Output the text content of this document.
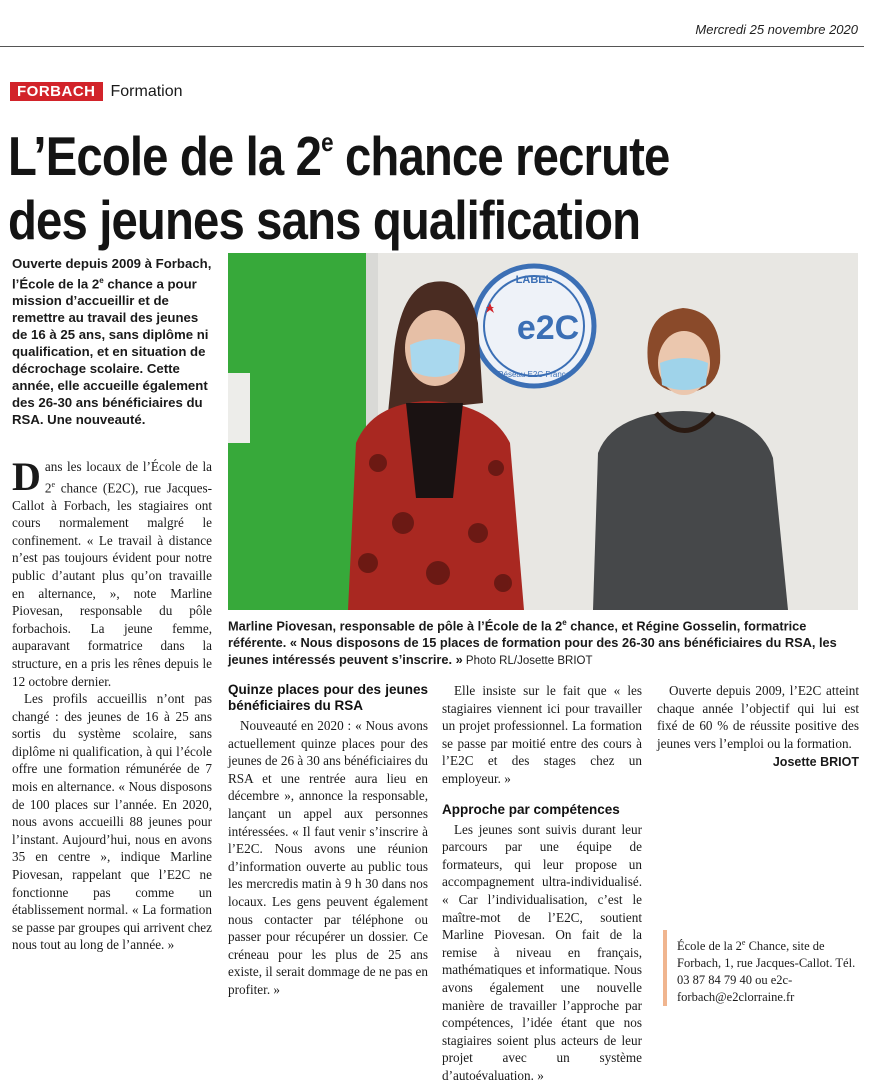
Mercredi 25 novembre 2020
FORBACH Formation
L’Ecole de la 2e chance recrute
des jeunes sans qualification
Ouverte depuis 2009 à Forbach, l’École de la 2e chance a pour mission d’accueillir et de remettre au travail des jeunes de 16 à 25 ans, sans diplôme ni qualification, et en situation de décrochage scolaire. Cette année, elle accueille également des 26-30 ans bénéficiaires du RSA. Une nouveauté.
LABEL
e2C
Réseau E2C France
Marline Piovesan, responsable de pôle à l’École de la 2e chance, et Régine Gosselin, formatrice référente. « Nous disposons de 15 places de formation pour des 26-30 ans bénéficiaires du RSA, les jeunes intéressés peuvent s’inscrire. » Photo RL/Josette BRIOT

Dans les locaux de l’École de la 2e chance (E2C), rue Jacques-Callot à Forbach, les stagiaires ont cours normalement malgré le confinement. « Le travail à distance n’est pas toujours évident pour notre public d’autant plus qu’on travaille en alternance, », note Marline Piovesan, responsable du pôle forbachois. La jeune femme, auparavant formatrice dans la structure, en a pris les rênes depuis le 12 octobre dernier.

Les profils accueillis n’ont pas changé : des jeunes de 16 à 25 ans sortis du système scolaire, sans diplôme ni qualification, à qui l’école offre une formation rémunérée de 7 mois en alternance. « Nous disposons de 100 places sur l’année. En 2020, nous avons accueilli 88 jeunes pour l’instant. Aujourd’hui, nous en avons 35 en centre », indique Marline Piovesan, rappelant que l’E2C ne fonctionne pas comme un établissement normal. « La formation se passe par groupes qui arrivent chez nous tout au long de l’année. »

Quinze places pour des jeunes bénéficiaires du RSA

Nouveauté en 2020 : « Nous avons actuellement quinze places pour des jeunes de 26 à 30 ans bénéficiaires du RSA et une rentrée aura lieu en décembre », annonce la responsable, lançant un appel aux personnes intéressées. « Il faut venir s’inscrire à l’E2C. Nous avons une réunion d’information ouverte au public tous les mercredis matin à 9 h 30 dans nos locaux. Les gens peuvent également nous contacter par téléphone ou passer pour récupérer un dossier. Ce créneau pour les plus de 25 ans existe, il serait dommage de ne pas en profiter. »

Elle insiste sur le fait que « les stagiaires viennent ici pour travailler un projet professionnel. La formation se passe par moitié entre des cours à l’E2C et des stages chez un employeur. »

Approche par compétences

Les jeunes sont suivis durant leur parcours par une équipe de formateurs, qui leur propose un accompagnement ultra-individualisé. « Car l’individualisation, c’est le maître-mot de l’E2C, soutient Marline Piovesan. On fait de la remise à niveau en français, mathématiques et informatique. Nous avons également une nouvelle manière de travailler l’approche par compétences, l’idée étant que nos stagiaires soient plus acteurs de leur projet avec un système d’autoévaluation. »

Ouverte depuis 2009, l’E2C atteint chaque année l’objectif qui lui est fixé de 60 % de réussite positive des jeunes vers l’emploi ou la formation.

Josette BRIOT
École de la 2e Chance, site de Forbach, 1, rue Jacques-Callot. Tél. 03 87 84 79 40 ou e2c-forbach@e2clorraine.fr
